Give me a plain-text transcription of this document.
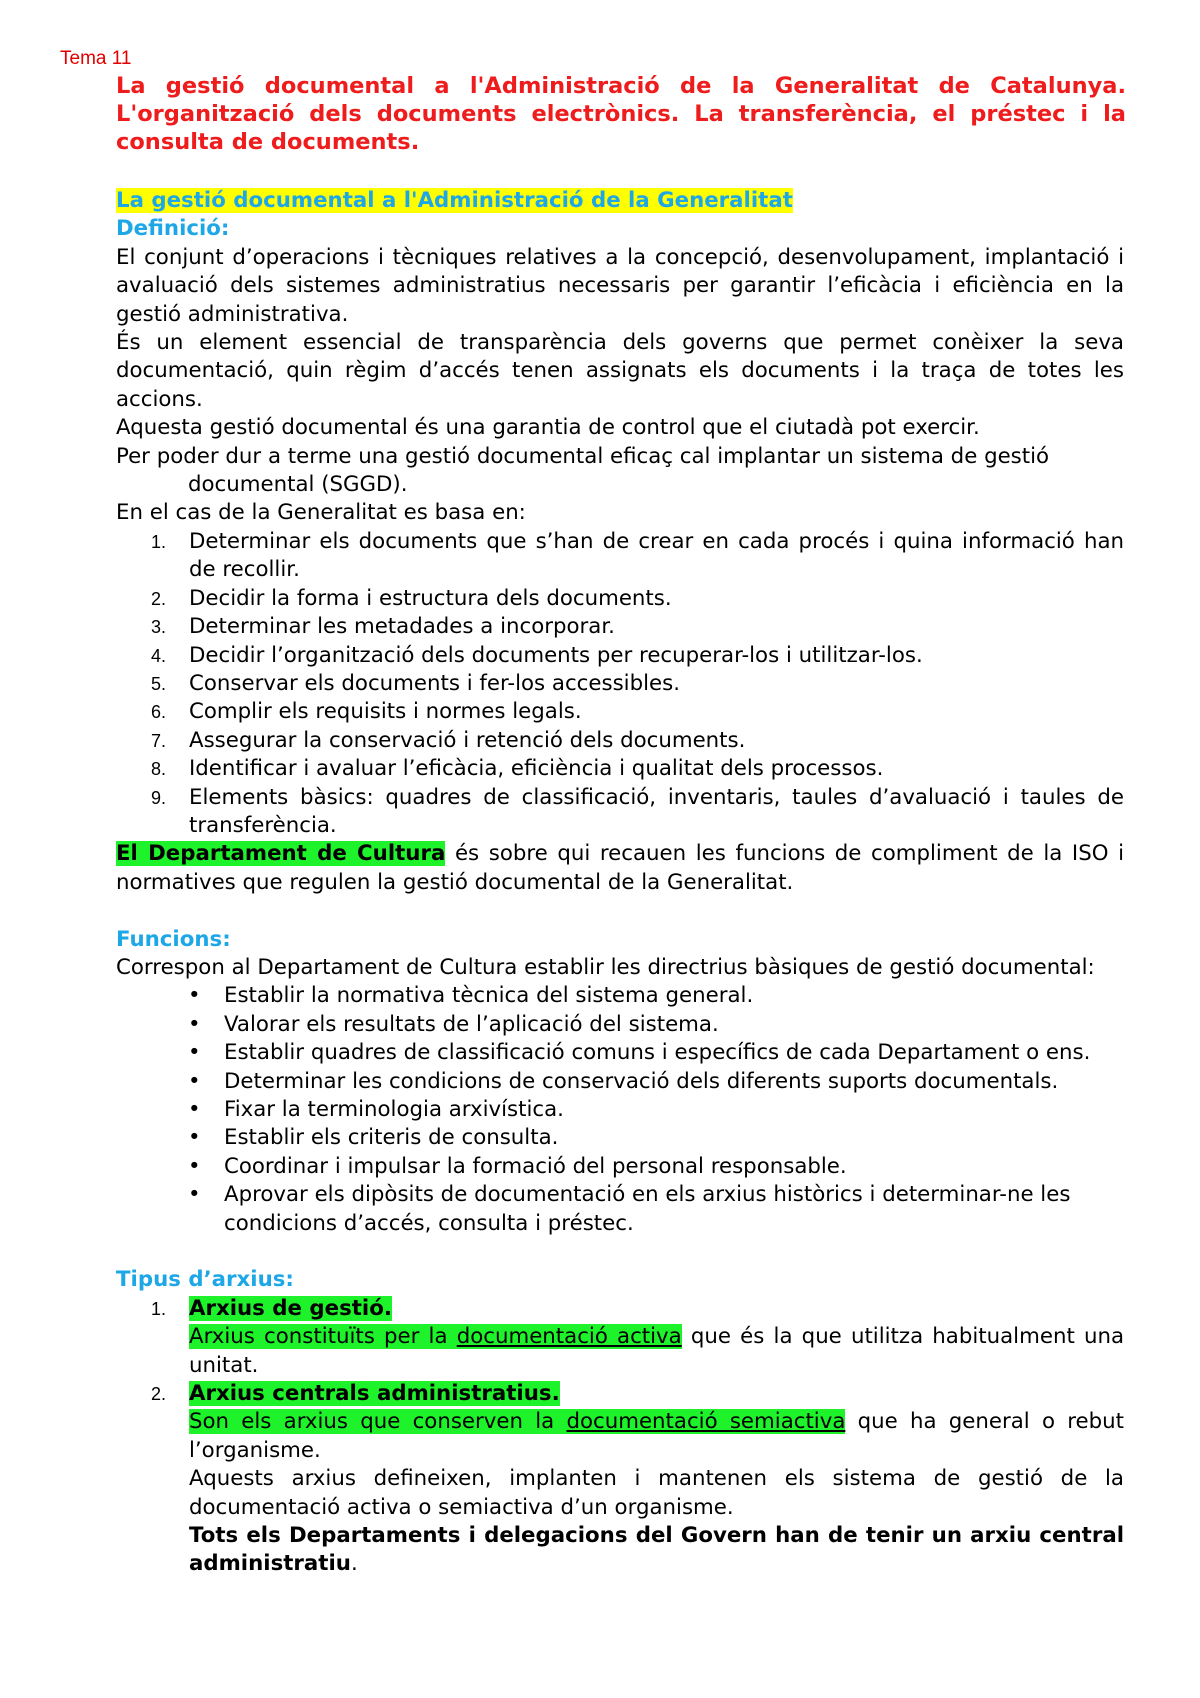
Tema 11

La gestió documental a l'Administració de la Generalitat de Catalunya. L'organització dels documents electrònics. La transferència, el préstec i la consulta de documents.

La gestió documental a l'Administració de la Generalitat

Definició:

El conjunt d’operacions i tècniques relatives a la concepció, desenvolupament, implantació i avaluació dels sistemes administratius necessaris per garantir l’eficàcia i eficiència en la gestió administrativa.

És un element essencial de transparència dels governs que permet conèixer la seva documentació, quin règim d’accés tenen assignats els documents i la traça de totes les accions.

Aquesta gestió documental és una garantia de control que el ciutadà pot exercir.

Per poder dur a terme una gestió documental eficaç cal implantar un sistema de gestió documental (SGGD).

En el cas de la Generalitat es basa en:

1. Determinar els documents que s’han de crear en cada procés i quina informació han de recollir.
2. Decidir la forma i estructura dels documents.
3. Determinar les metadades a incorporar.
4. Decidir l’organització dels documents per recuperar-los i utilitzar-los.
5. Conservar els documents i fer-los accessibles.
6. Complir els requisits i normes legals.
7. Assegurar la conservació i retenció dels documents.
8. Identificar i avaluar l’eficàcia, eficiència i qualitat dels processos.
9. Elements bàsics: quadres de classificació, inventaris, taules d’avaluació i taules de transferència.

El Departament de Cultura és sobre qui recauen les funcions de compliment de la ISO i normatives que regulen la gestió documental de la Generalitat.

Funcions:

Correspon al Departament de Cultura establir les directrius bàsiques de gestió documental:

• Establir la normativa tècnica del sistema general.
• Valorar els resultats de l’aplicació del sistema.
• Establir quadres de classificació comuns i específics de cada Departament o ens.
• Determinar les condicions de conservació dels diferents suports documentals.
• Fixar la terminologia arxivística.
• Establir els criteris de consulta.
• Coordinar i impulsar la formació del personal responsable.
• Aprovar els dipòsits de documentació en els arxius històrics i determinar-ne les condicions d’accés, consulta i préstec.

Tipus d’arxius:

1. Arxius de gestió.
Arxius constituïts per la documentació activa que és la que utilitza habitualment una unitat.
2. Arxius centrals administratius.
Son els arxius que conserven la documentació semiactiva que ha general o rebut l’organisme.
Aquests arxius defineixen, implanten i mantenen els sistema de gestió de la documentació activa o semiactiva d’un organisme.
Tots els Departaments i delegacions del Govern han de tenir un arxiu central administratiu.
